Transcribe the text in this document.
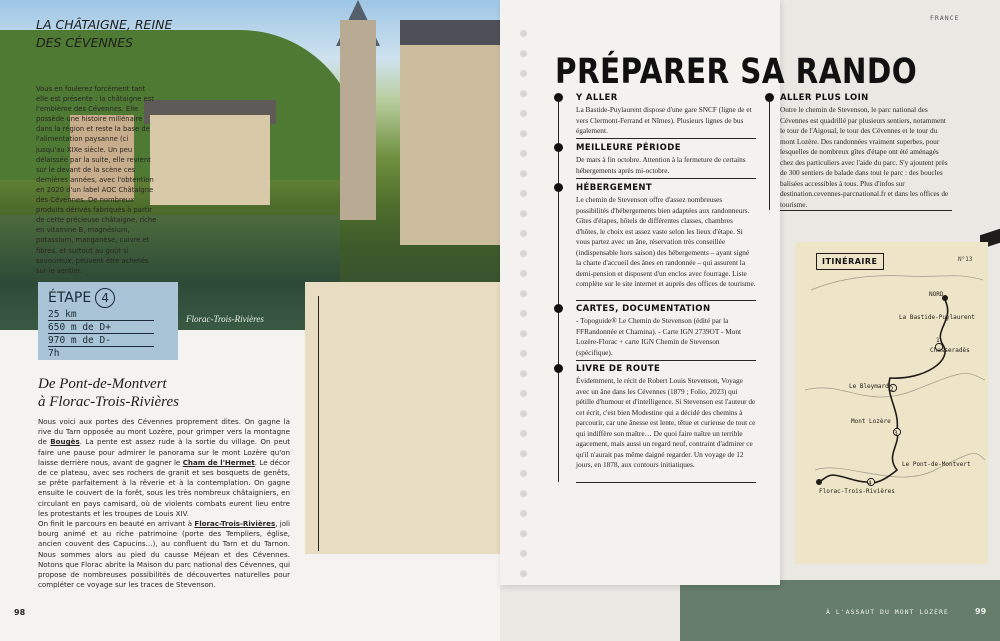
Florac-Trois-Rivières
ÉTAPE 4
25 km
650 m de D+
970 m de D-
7h
De Pont-de-Montvert
à Florac-Trois-Rivières

Nous voici aux portes des Cévennes proprement dites. On gagne la rive du Tarn opposée au mont Lozère, pour grimper vers la montagne de Bougès. La pente est assez rude à la sortie du village. On peut faire une pause pour admirer le panorama sur le mont Lozère qu'on laisse derrière nous, avant de gagner le Cham de l'Hermet. Le décor de ce plateau, avec ses rochers de granit et ses bosquets de genêts, se prête parfaitement à la rêverie et à la contemplation. On gagne ensuite le couvert de la forêt, sous les très nombreux châtaigniers, en circulant en pays camisard, où de violents combats eurent lieu entre les protestants et les troupes de Louis XIV.

On finit le parcours en beauté en arrivant à Florac-Trois-Rivières, joli bourg animé et au riche patrimoine (porte des Templiers, église, ancien couvent des Capucins…), au confluent du Tarn et du Tarnon. Nous sommes alors au pied du causse Méjean et des Cévennes. Notons que Florac abrite la Maison du parc national des Cévennes, qui propose de nombreuses possibilités de découvertes naturelles pour compléter ce voyage sur les traces de Stevenson.

98
LA CHÂTAIGNE, REINE DES CÉVENNES
Vous en foulerez forcément tant elle est présente : la châtaigne est l'emblème des Cévennes. Elle possède une histoire millénaire dans la région et reste la base de l'alimentation paysanne (ci jusqu'au XIXe siècle. Un peu délaissée par la suite, elle revient sur le devant de la scène ces dernières années, avec l'obtention en 2020 d'un label AOC Châtaigne des Cévennes. De nombreux produits dérivés fabriqués à partir de cette précieuse châtaigne, riche en vitamine B, magnésium, potassium, manganèse, cuivre et fibres, et surtout au goût si savoureux, peuvent être achetés sur le sentier.
FRANCE
PRÉPARER SA RANDO
Y ALLER
La Bastide-Puylaurent dispose d'une gare SNCF (ligne de et vers Clermont-Ferrand et Nîmes). Plusieurs lignes de bus également.
MEILLEURE PÉRIODE
De mars à fin octobre. Attention à la fermeture de certains hébergements après mi-octobre.
HÉBERGEMENT
Le chemin de Stevenson offre d'assez nombreuses possibilités d'hébergements bien adaptées aux randonneurs. Gîtes d'étapes, hôtels de différentes classes, chambres d'hôtes, le choix est assez vaste selon les lieux d'étape. Si vous partez avec un âne, réservation très conseillée (indispensable hors saison) des hébergements – ayant signé la charte d'accueil des ânes en randonnée – qui assurent la demi-pension et disposent d'un enclos avec fourrage. Liste complète sur le site internet et auprès des offices de tourisme.
CARTES, DOCUMENTATION
- Topoguide® Le Chemin de Stevenson (édité par la FFRandonnée et Chamina). - Carte IGN 2739OT - Mont Lozère-Florac + carte IGN Chemin de Stevenson (spécifique).
LIVRE DE ROUTE
Évidemment, le récit de Robert Louis Stevenson, Voyage avec un âne dans les Cévennes (1879 ; Folio, 2023) qui pétille d'humour et d'intelligence. Si Stevenson est l'auteur de cet écrit, c'est bien Modestine qui a décidé des chemins à parcourir, car une ânesse est lente, têtue et curieuse de tout ce qui indiffère son maître… De quoi faire naître un terrible agacement, mais aussi un regard neuf, contraint d'admirer ce qu'il n'aurait pas même daigné regarder. Un voyage de 12 jours, en 1878, aux contours initiatiques.
ALLER PLUS LOIN
Outre le chemin de Stevenson, le parc national des Cévennes est quadrillé par plusieurs sentiers, notamment le tour de l'Aigoual, le tour des Cévennes et le tour du mont Lozère. Des randonnées vraiment superbes, pour lesquelles de nombreux gîtes d'étape ont été aménagés chez des particuliers avec l'aide du parc. S'y ajoutent près de 300 sentiers de balade dans tout le parc : des boucles balisées accessibles à tous. Plus d'infos sur destination.cevennes-parcnational.fr et dans les offices de tourisme.
ITINÉRAIRE	N°13
NORD
La Bastide-Puylaurent
Chasseradès
Le Bleymard
Mont Lozère
Le Pont-de-Montvert
Florac-Trois-Rivières
1
2
3
4
À L'ASSAUT DU MONT LOZÈRE	99
